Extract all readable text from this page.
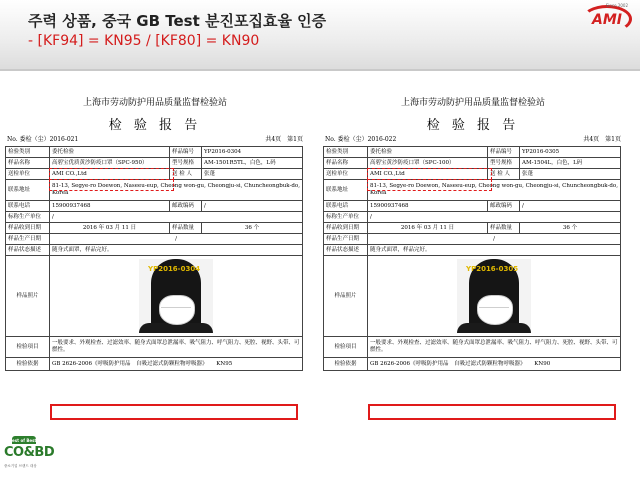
주력 상품, 중국 GB Test 분진포집효율 인증
- [KF94] = KN95 / [KF80] = KN90
Since 2002
AMI
上海市劳动防护用品质量监督检验站
检 验 报 告
No. 委检（尘）2016-021	共4页　第1页
检验类别	委托检验	样品编号	YP2016-0304
样品名称	高碧宝优质黄沙防疫口罩（SPC-950）	型号规格	AM-1501R5TL，白色，L码
送检单位	AMI CO.,Ltd	送 检 人	张蓬
联系地址	81-13, Segye-ro Doewon, Naseeu-eup, Cheong won-gu, Cheongju-si, Chuncheongbuk-do, Korea		
联系电话	15900937468	邮政编码	/
标称生产单位	/		
样品收到日期	2016 年 03 月 11 日	样品数量	36 个
样品生产日期	/		
样品状态描述	随身式面罩，样品完好。		
样品照片	YP2016-0304		

检验项目	一般要求、外观检查、过滤效率、随身式面罩总泄漏率、吸气阻力、呼气阻力、死腔、视野、头带、可燃性。		
检验依据	GB 2626-2006《呼吸防护用品　自吸过滤式防颗粒物呼吸器》 KN95		
上海市劳动防护用品质量监督检验站
检 验 报 告
No. 委检（尘）2016-022	共4页　第1页
检验类别	委托检验	样品编号	YP2016-0305
样品名称	高碧宝黄沙防疫口罩（SPC-100）	型号规格	AM-1504L，白色，L码
送检单位	AMI CO.,Ltd	送 检 人	张蓬
联系地址	81-13, Segye-ro Doewon, Naseeu-eup, Cheong won-gu, Cheongju-si, Chuncheongbuk-do, Korea		
联系电话	15900937468	邮政编码	/
标称生产单位	/		
样品收到日期	2016 年 03 月 11 日	样品数量	36 个
样品生产日期	/		
样品状态描述	随身式面罩，样品完好。		
样品照片	YP2016-0305		

检验项目	一般要求、外观检查、过滤效率、随身式面罩总泄漏率、吸气阻力、呼气阻力、死腔、视野、头带、可燃性。		
检验依据	GB 2626-2006《呼吸防护用品　自吸过滤式防颗粒物呼吸器》 KN90		
Best of Best
CO&BD
중소기업 브랜드 대상
